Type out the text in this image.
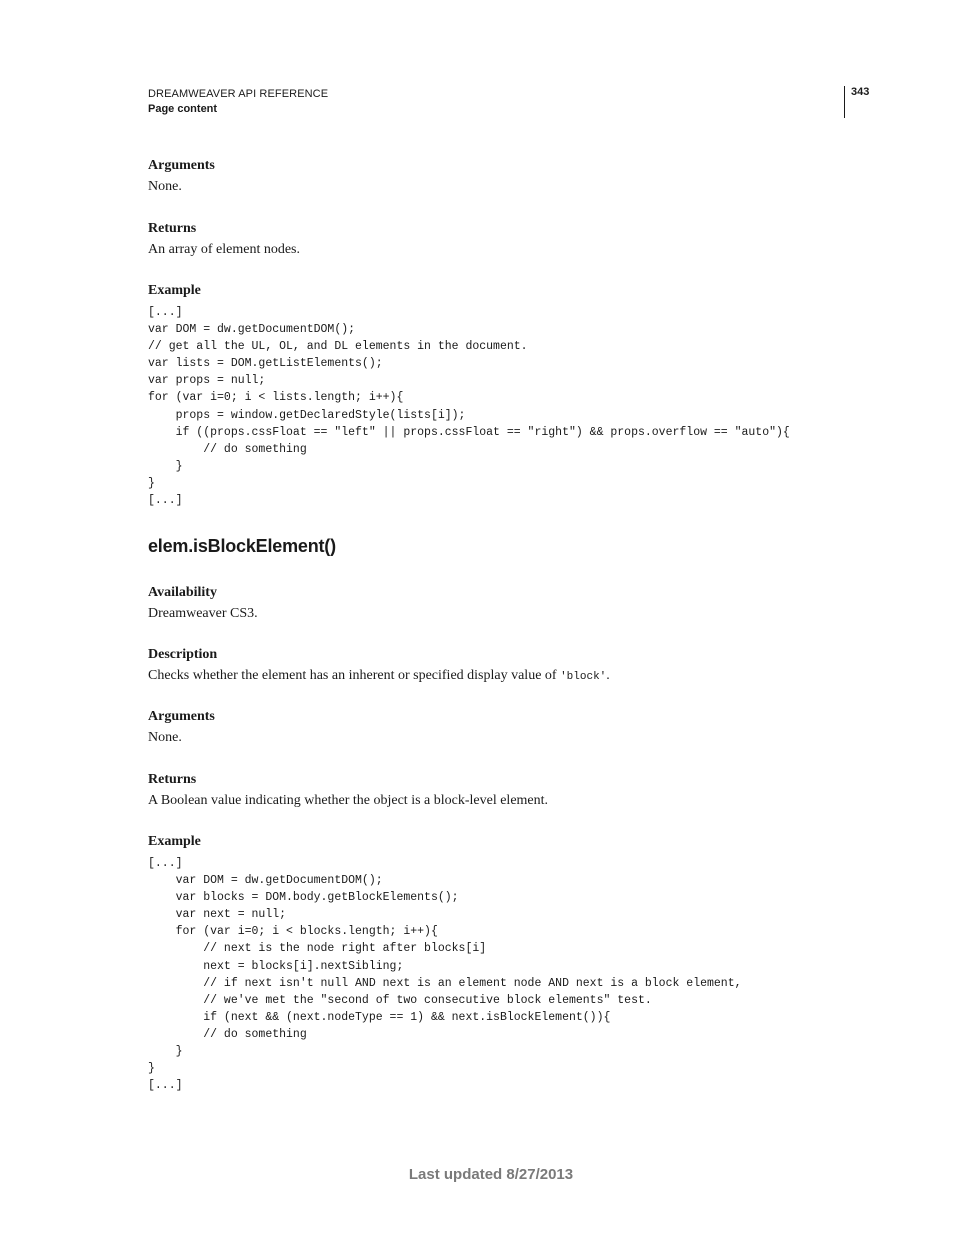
DREAMWEAVER API REFERENCE
Page content
343
Arguments
None.
Returns
An array of element nodes.
Example
[...]
var DOM = dw.getDocumentDOM();
// get all the UL, OL, and DL elements in the document.
var lists = DOM.getListElements();
var props = null;
for (var i=0; i < lists.length; i++){
props = window.getDeclaredStyle(lists[i]);
if ((props.cssFloat == "left" || props.cssFloat == "right") && props.overflow == "auto"){
// do something
}
}
[...]
elem.isBlockElement()
Availability
Dreamweaver CS3.
Description
Checks whether the element has an inherent or specified display value of 'block'.
Arguments
None.
Returns
A Boolean value indicating whether the object is a block-level element.
Example
[...]
var DOM = dw.getDocumentDOM();
var blocks = DOM.body.getBlockElements();
var next = null;
for (var i=0; i < blocks.length; i++){
// next is the node right after blocks[i]
next = blocks[i].nextSibling;
// if next isn't null AND next is an element node AND next is a block element,
// we've met the "second of two consecutive block elements" test.
if (next && (next.nodeType == 1) && next.isBlockElement()){
// do something
}
}
[...]
Last updated 8/27/2013
